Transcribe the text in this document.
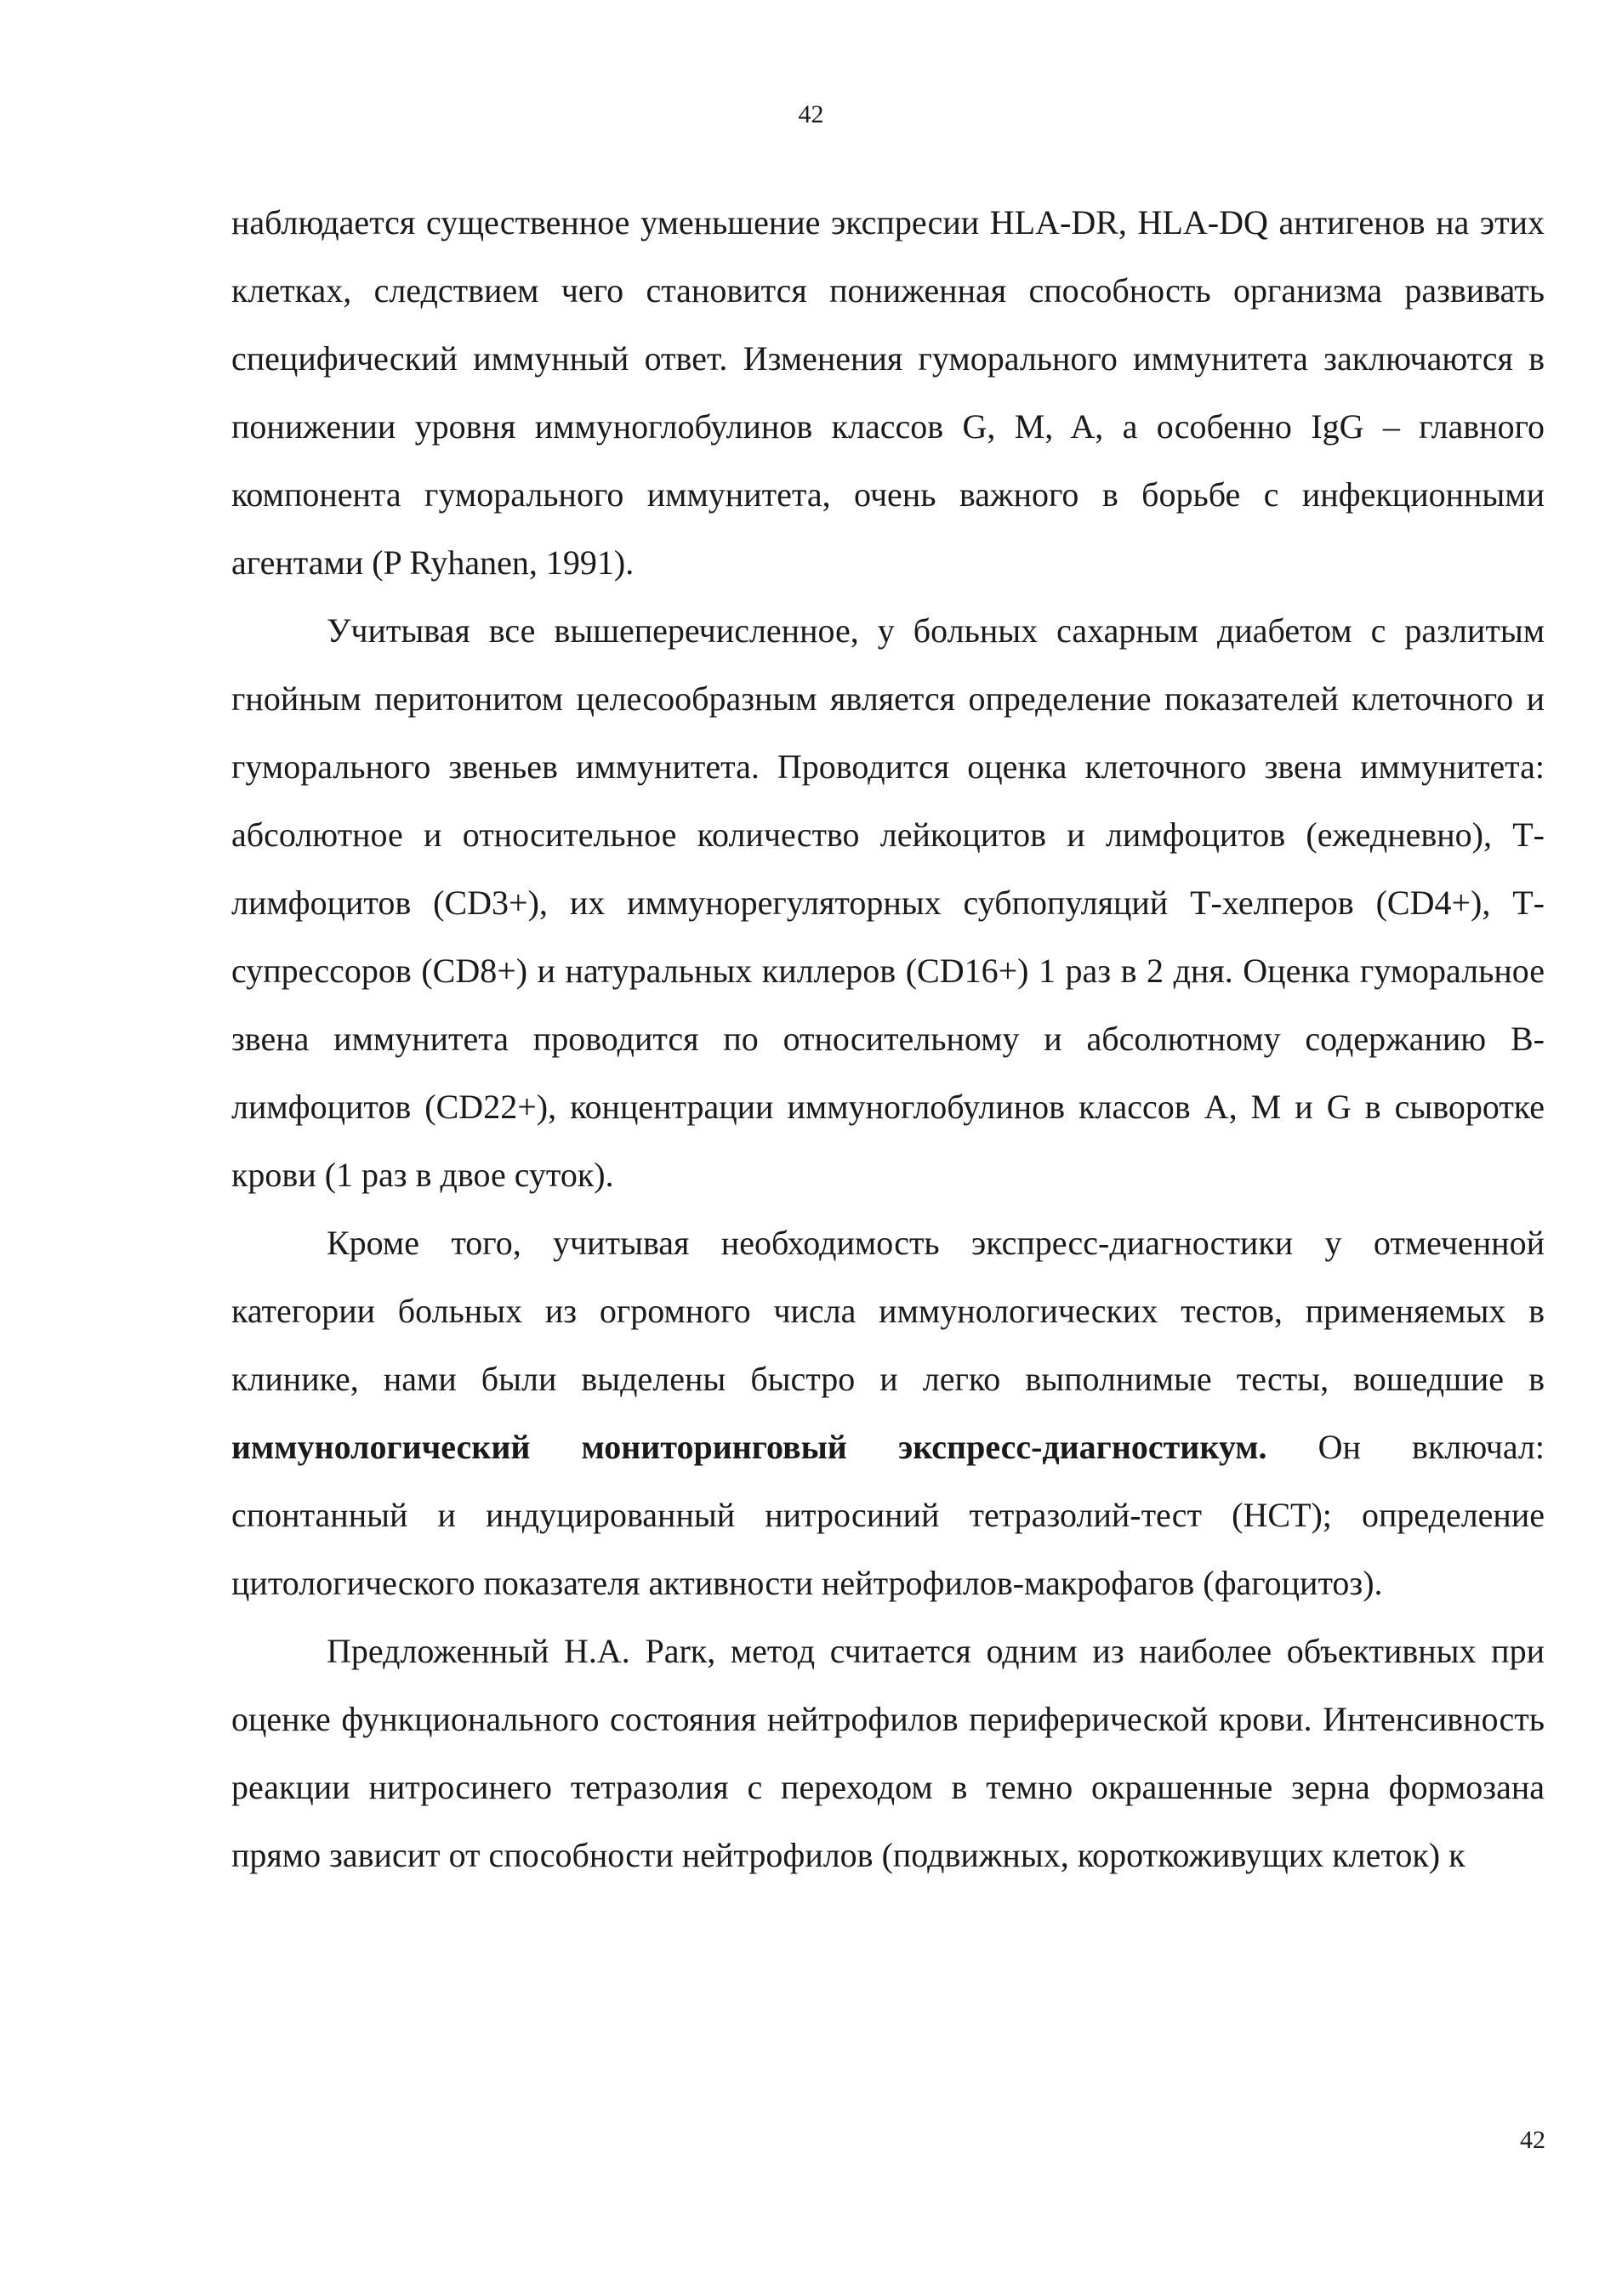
42

наблюдается существенное уменьшение экспресии HLA-DR, HLA-DQ антигенов на этих клетках, следствием чего становится пониженная способность организма развивать специфический иммунный ответ. Изменения гуморального иммунитета заключаются в понижении уровня иммуноглобулинов классов G, M, A, а особенно IgG – главного компонента гуморального иммунитета, очень важного в борьбе с инфекционными агентами (P Ryhanen, 1991).

Учитывая все вышеперечисленное, у больных сахарным диабетом с разлитым гнойным перитонитом целесообразным является определение показателей клеточного и гуморального звеньев иммунитета. Проводится оценка клеточного звена иммунитета: абсолютное и относительное количество лейкоцитов и лимфоцитов (ежедневно), Т-лимфоцитов (CD3+), их иммунорегуляторных субпопуляций Т-хелперов (CD4+), Т-супрессоров (CD8+) и натуральных киллеров (CD16+) 1 раз в 2 дня. Оценка гуморальное звена иммунитета проводится по относительному и абсолютному содержанию В-лимфоцитов (CD22+), концентрации иммуноглобулинов классов А, М и G в сыворотке крови (1 раз в двое суток).

Кроме того, учитывая необходимость экспресс-диагностики у отмеченной категории больных из огромного числа иммунологических тестов, применяемых в клинике, нами были выделены быстро и легко выполнимые тесты, вошедшие в иммунологический мониторинговый экспресс-диагностикум. Он включал: спонтанный и индуцированный нитросиний тетразолий-тест (НСТ); определение цитологического показателя активности нейтрофилов-макрофагов (фагоцитоз).

Предложенный Н.А. Parк, метод считается одним из наиболее объективных при оценке функционального состояния нейтрофилов периферической крови. Интенсивность реакции нитросинего тетразолия с переходом в темно окрашенные зерна формозана прямо зависит от способности нейтрофилов (подвижных, короткоживущих клеток) к

42
